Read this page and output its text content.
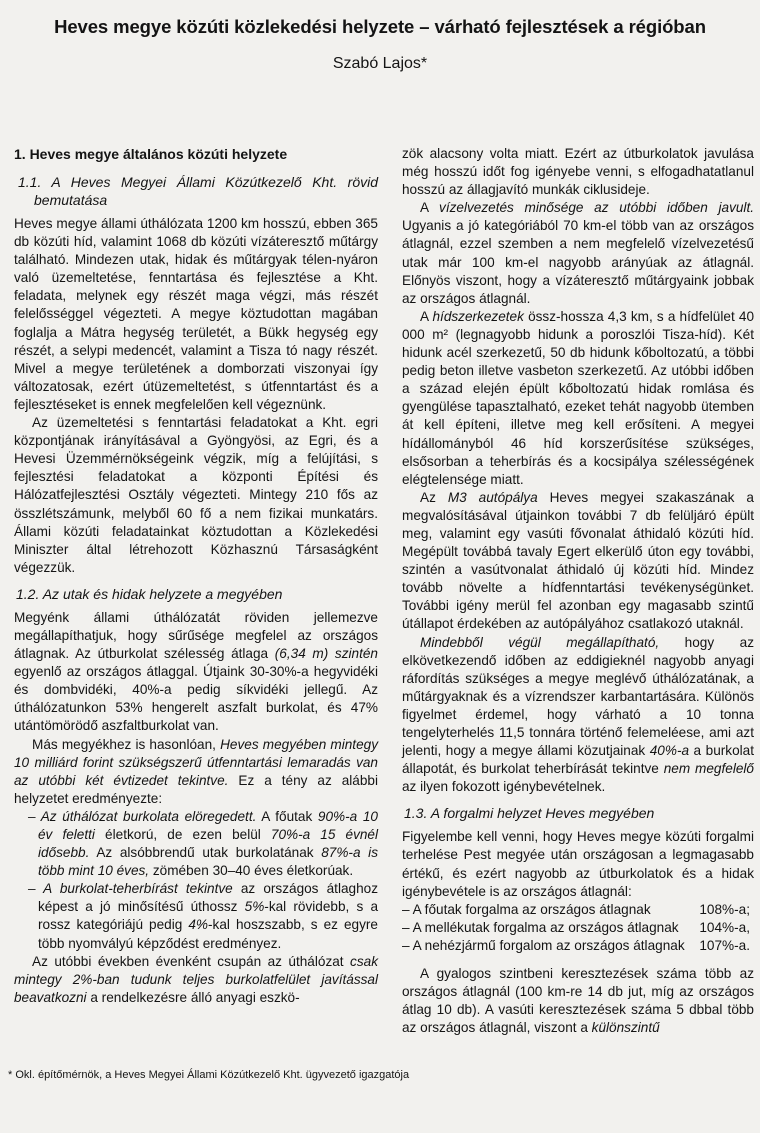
Heves megye közúti közlekedési helyzete – várható fejlesztések a régióban
Szabó Lajos*
1. Heves megye általános közúti helyzete
1.1. A Heves Megyei Állami Közútkezelő Kht. rövid bemutatása

Heves megye állami úthálózata 1200 km hosszú, ebben 365 db közúti híd, valamint 1068 db közúti vízáteresztő műtárgy található. Mindezen utak, hidak és műtárgyak télen-nyáron való üzemeltetése, fenntartása és fejlesztése a Kht. feladata, melynek egy részét maga végzi, más részét felelősséggel végezteti. A megye köztudottan magában foglalja a Mátra hegység területét, a Bükk hegység egy részét, a selypi medencét, valamint a Tisza tó nagy részét. Mivel a megye területének a domborzati viszonyai így változatosak, ezért útüzemeltetést, s útfenntartást és a fejlesztéseket is ennek megfelelően kell végeznünk.

Az üzemeltetési s fenntartási feladatokat a Kht. egri központjának irányításával a Gyöngyösi, az Egri, és a Hevesi Üzemmérnökségeink végzik, míg a felújítási, s fejlesztési feladatokat a központi Építési és Hálózatfejlesztési Osztály végezteti. Mintegy 210 fős az összlétszámunk, melyből 60 fő a nem fizikai munkatárs. Állami közúti feladatainkat köztudottan a Közlekedési Miniszter által létrehozott Közhasznú Társaságként végezzük.

1.2. Az utak és hidak helyzete a megyében

Megyénk állami úthálózatát röviden jellemezve megállapíthatjuk, hogy sűrűsége megfelel az országos átlagnak. Az útburkolat szélesség átlaga (6,34 m) szintén egyenlő az országos átlaggal. Útjaink 30-30%-a hegyvidéki és dombvidéki, 40%-a pedig síkvidéki jellegű. Az úthálózatunkon 53% hengerelt aszfalt burkolat, és 47% utántömörödő aszfaltburkolat van.

Más megyékhez is hasonlóan, Heves megyében mintegy 10 milliárd forint szükségszerű útfenntartási lemaradás van az utóbbi két évtizedet tekintve. Ez a tény az alábbi helyzetet eredményezte:

– Az úthálózat burkolata elöregedett. A főutak 90%-a 10 év feletti életkorú, de ezen belül 70%-a 15 évnél idősebb. Az alsóbbrendű utak burkolatának 87%-a is több mint 10 éves, zömében 30–40 éves életkorúak.
– A burkolat-teherbírást tekintve az országos átlaghoz képest a jó minősítésű úthossz 5%-kal rövidebb, s a rossz kategóriájú pedig 4%-kal hoszszabb, s ez egyre több nyomvályú képződést eredményez.

Az utóbbi években évenként csupán az úthálózat csak mintegy 2%-ban tudunk teljes burkolatfelület javítással beavatkozni a rendelkezésre álló anyagi eszkö-

zök alacsony volta miatt. Ezért az útburkolatok javulása még hosszú időt fog igényebe venni, s elfogadhatatlanul hosszú az állagjavító munkák ciklusideje.

A vízelvezetés minősége az utóbbi időben javult. Ugyanis a jó kategóriából 70 km-el több van az országos átlagnál, ezzel szemben a nem megfelelő vízelvezetésű utak már 100 km-el nagyobb arányúak az átlagnál. Előnyös viszont, hogy a vízáteresztő műtárgyaink jobbak az országos átlagnál.

A hídszerkezetek össz-hossza 4,3 km, s a hídfelület 40 000 m² (legnagyobb hidunk a poroszlói Tisza-híd). Két hidunk acél szerkezetű, 50 db hidunk kőboltozatú, a többi pedig beton illetve vasbeton szerkezetű. Az utóbbi időben a század elején épült kőboltozatú hidak romlása és gyengülése tapasztalható, ezeket tehát nagyobb ütemben át kell építeni, illetve meg kell erősíteni. A megyei hídállományból 46 híd korszerűsítése szükséges, elsősorban a teherbírás és a kocsipálya szélességének elégtelensége miatt.

Az M3 autópálya Heves megyei szakaszának a megvalósításával útjainkon további 7 db felüljáró épült meg, valamint egy vasúti fővonalat áthidaló közúti híd. Megépült továbbá tavaly Egert elkerülő úton egy további, szintén a vasútvonalat áthidaló új közúti híd. Mindez tovább növelte a hídfenntartási tevékenységünket. További igény merül fel azonban egy magasabb szintű útállapot érdekében az autópályához csatlakozó utaknál.

Mindebből végül megállapítható, hogy az elkövetkezendő időben az eddigieknél nagyobb anyagi ráfordítás szükséges a megye meglévő úthálózatának, a műtárgyaknak és a vízrendszer karbantartására. Különös figyelmet érdemel, hogy várható a 10 tonna tengelyterhelés 11,5 tonnára történő felemeléese, ami azt jelenti, hogy a megye állami közutjainak 40%-a a burkolat állapotát, és burkolat teherbírását tekintve nem megfelelő az ilyen fokozott igénybevételnek.

1.3. A forgalmi helyzet Heves megyében

Figyelembe kell venni, hogy Heves megye közúti forgalmi terhelése Pest megyée után országosan a legmagasabb értékű, és ezért nagyobb az útburkolatok és a hidak igénybevétele is az országos átlagnál:

– A főutak forgalma az országos átlagnak	108%-a;
– A mellékutak forgalma az országos átlagnak 104%-a,
– A nehézjármű forgalom az országos átlagnak 107%-a.

A gyalogos szintbeni keresztezések száma több az országos átlagnál (100 km-re 14 db jut, míg az országos átlag 10 db). A vasúti keresztezések száma 5 dbbal több az országos átlagnál, viszont a különszintű

* Okl. építőmérnök, a Heves Megyei Állami Közútkezelő Kht. ügyvezető igazgatója
